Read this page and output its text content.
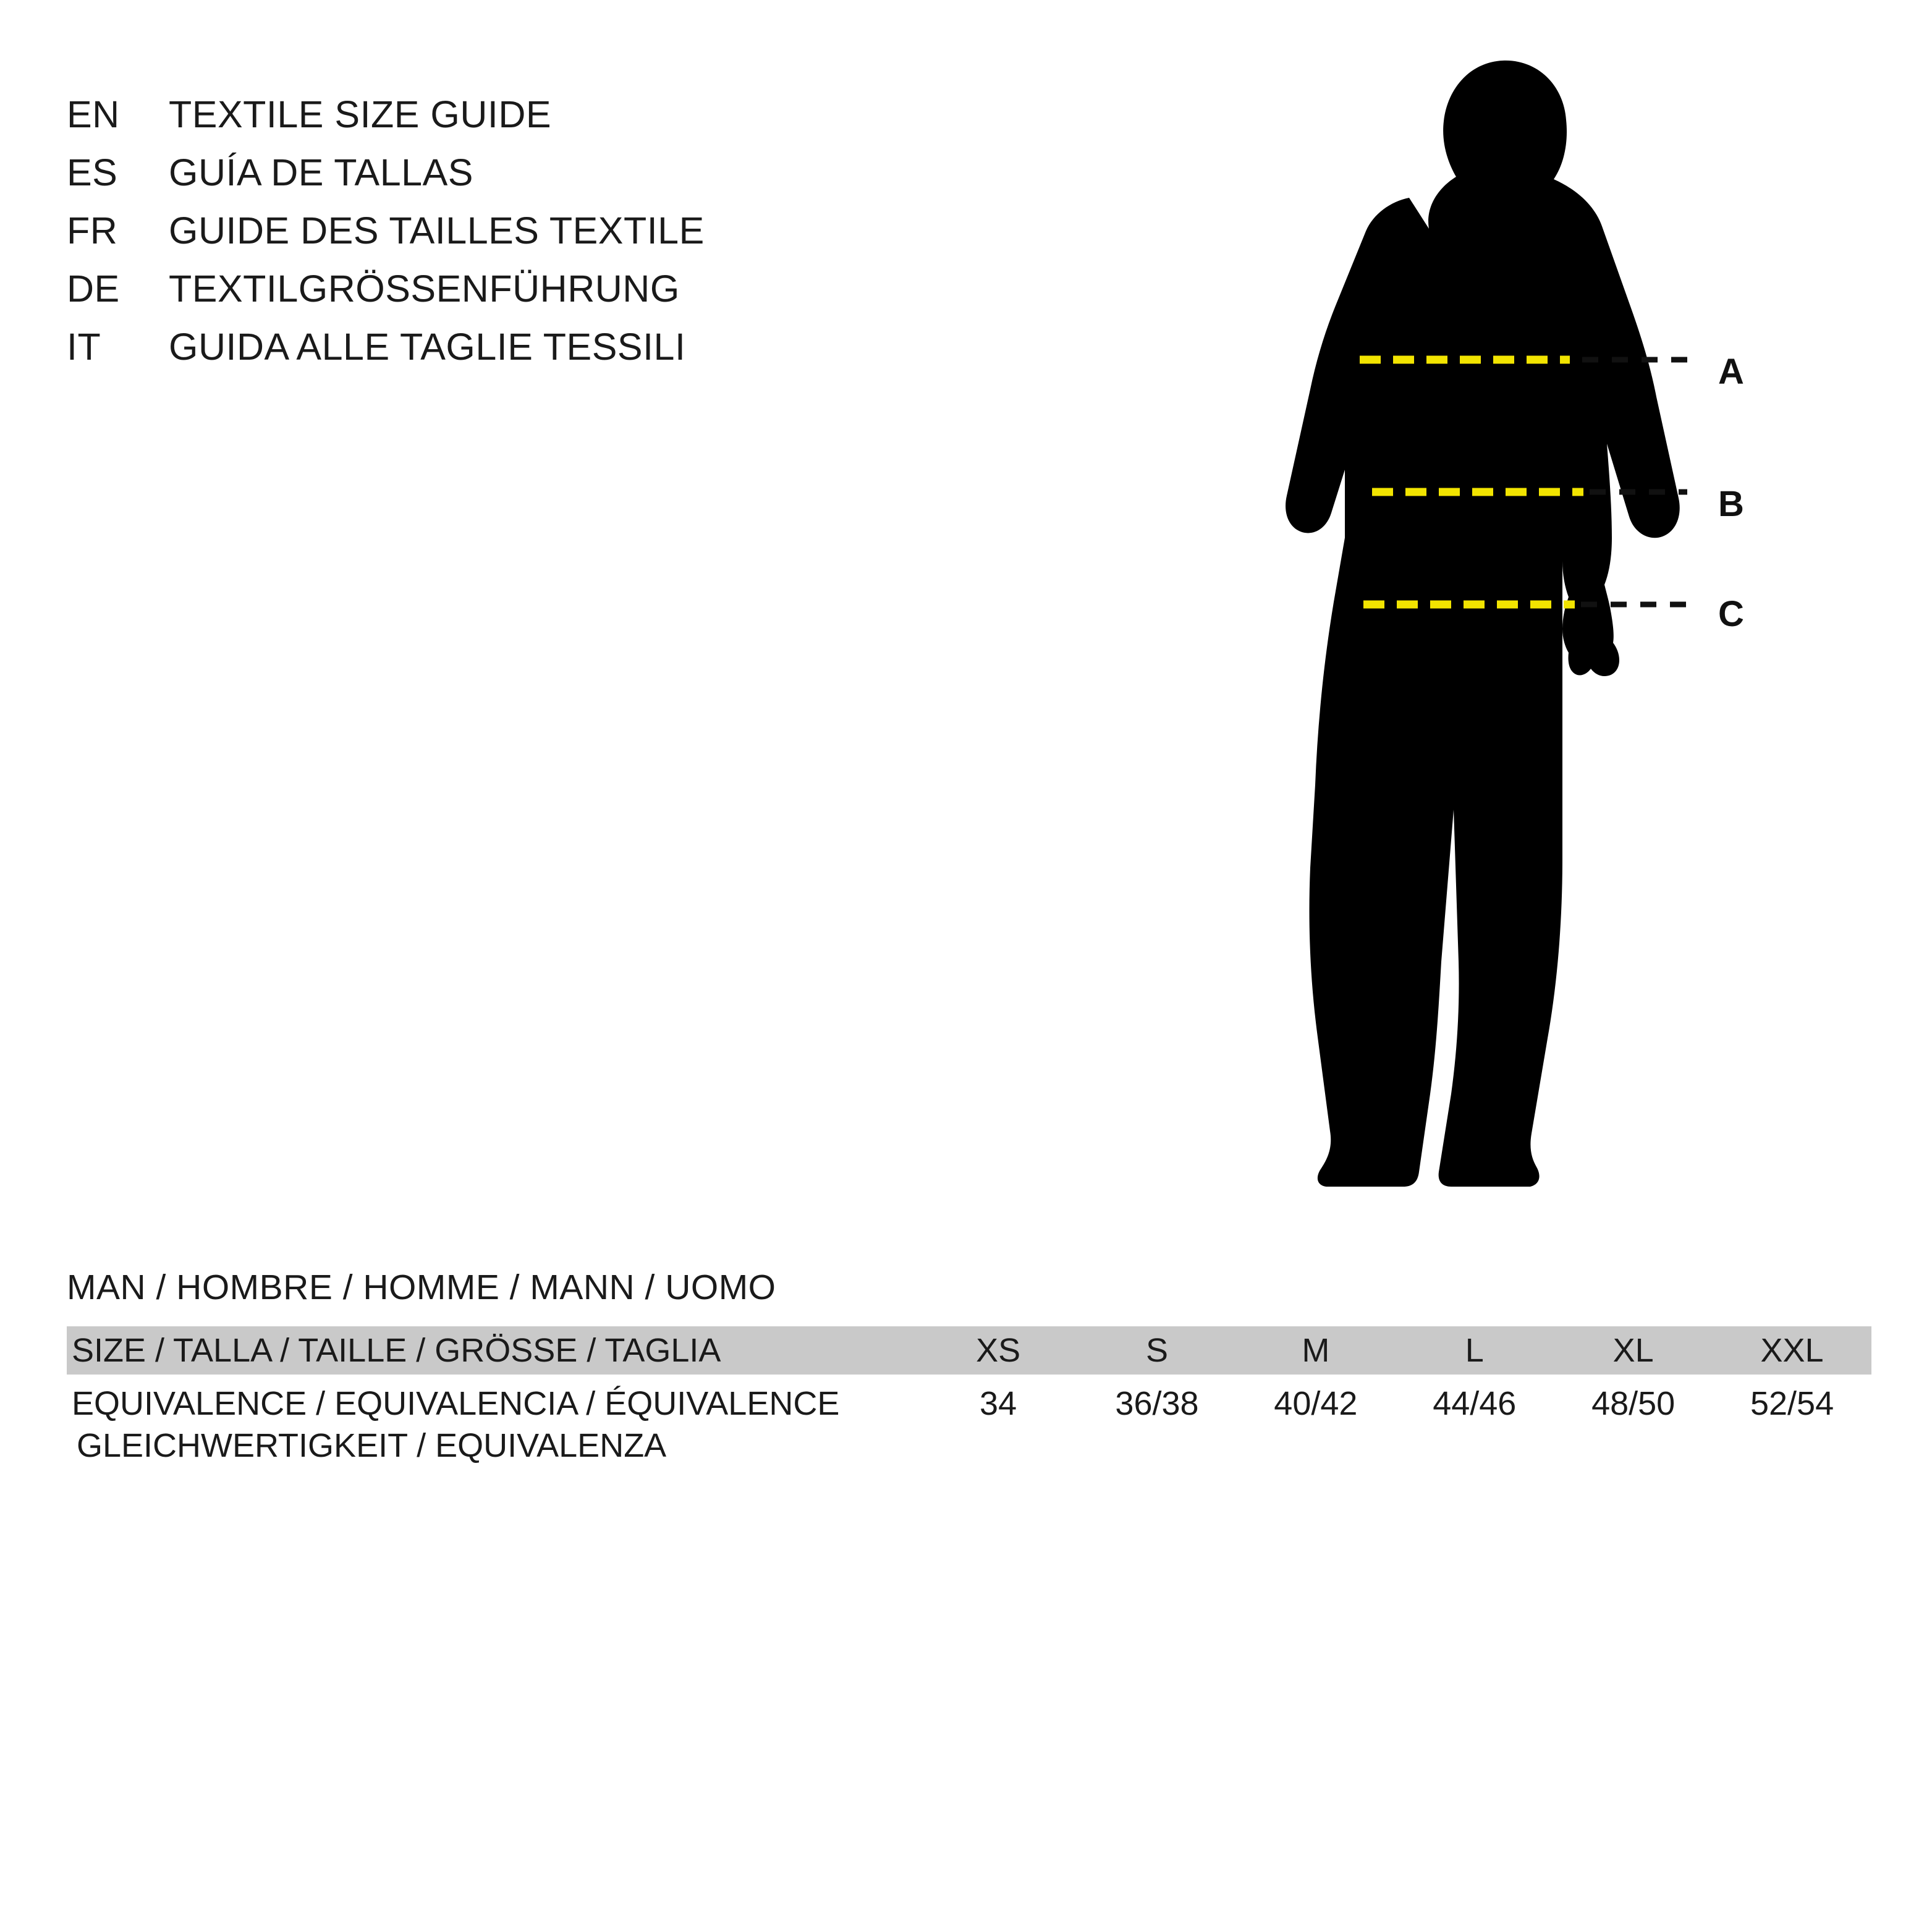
EN	TEXTILE SIZE GUIDE
ES	GUÍA DE TALLAS
FR	GUIDE DES TAILLES TEXTILE
DE	TEXTILGRÖSSENFÜHRUNG
IT	GUIDA ALLE TAGLIE TESSILI
A
B
C
MAN / HOMBRE / HOMME / MANN / UOMO
SIZE / TALLA / TAILLE / GRÖSSE / TAGLIA	XS	S	M	L	XL	XXL
EQUIVALENCE / EQUIVALENCIA / ÉQUIVALENCE
GLEICHWERTIGKEIT / EQUIVALENZA	34	36/38	40/42	44/46	48/50	52/54
